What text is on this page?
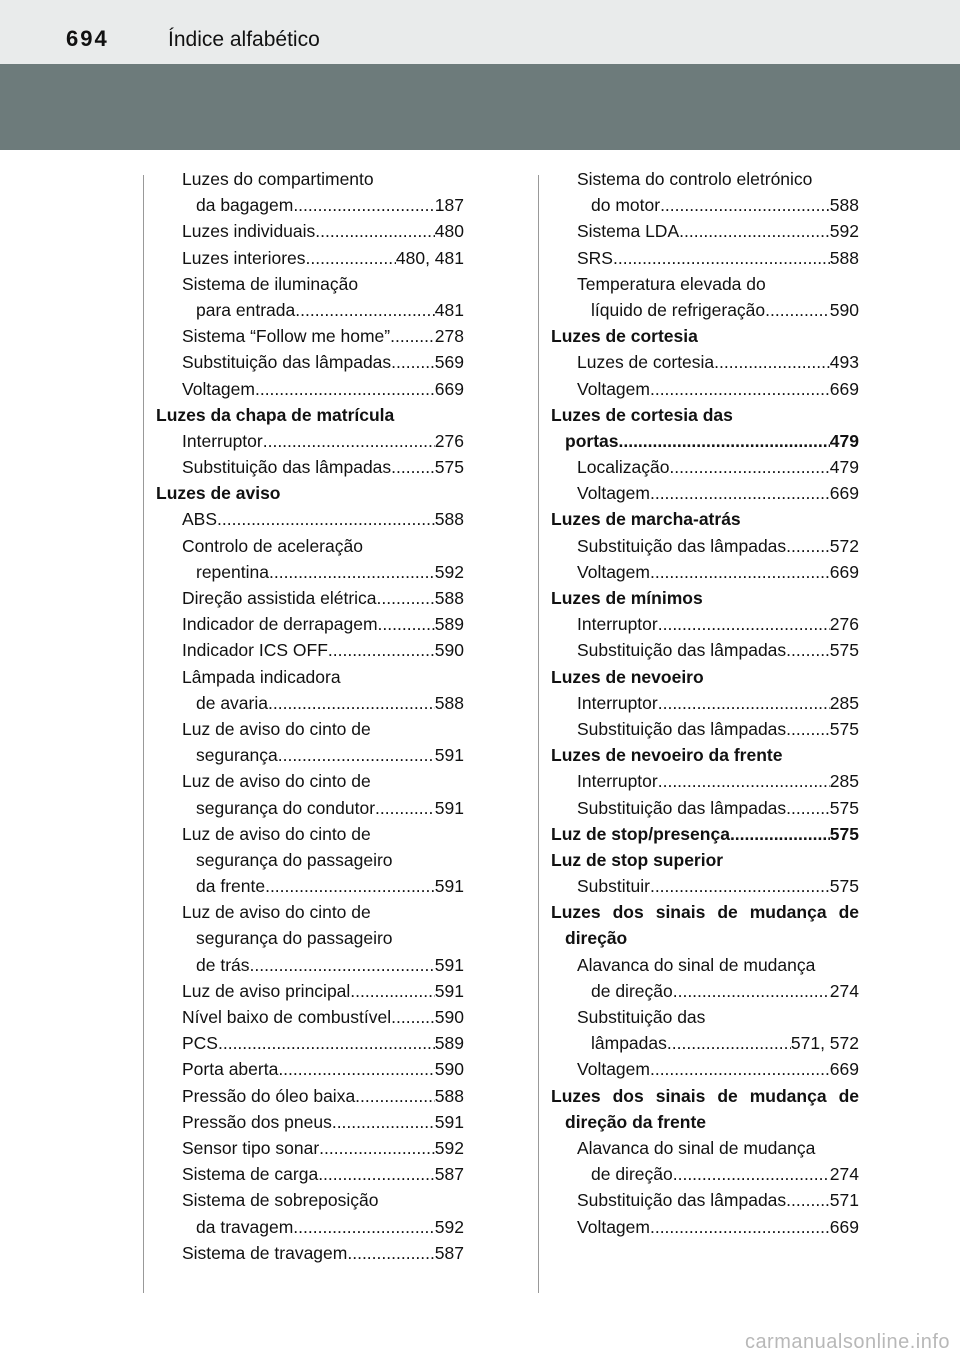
694	Índice alfabético
Luzes do compartimento
da bagagem .....	187
Luzes individuais .....	480
Luzes interiores .....	480, 481
Sistema de iluminação
para entrada .....	481
Sistema “Follow me home” .....	278
Substituição das lâmpadas ..... 569
Voltagem .....	669
Luzes da chapa de matrícula
Interruptor .....	276
Substituição das lâmpadas ..... 575
Luzes de aviso
ABS .....	588
Controlo de aceleração
repentina .....	592
Direção assistida elétrica .....	588
Indicador de derrapagem .....	589
Indicador ICS OFF .....	590
Lâmpada indicadora
de avaria .....	588
Luz de aviso do cinto de
segurança .....	591
Luz de aviso do cinto de
segurança do condutor .....	591
Luz de aviso do cinto de
segurança do passageiro
da frente .....	591
Luz de aviso do cinto de
segurança do passageiro
de trás .....	591
Luz de aviso principal .....	591
Nível baixo de combustível ..... 590
PCS .....	589
Porta aberta .....	590
Pressão do óleo baixa .....	588
Pressão dos pneus .....	591
Sensor tipo sonar .....	592
Sistema de carga .....	587
Sistema de sobreposição
da travagem .....	592
Sistema de travagem .....	587
Sistema do controlo eletrónico
do motor .....	588
Sistema LDA .....	592
SRS .....	588
Temperatura elevada do
líquido de refrigeração .....	590
Luzes de cortesia
Luzes de cortesia .....	493
Voltagem .....	669
Luzes de cortesia das
portas .....	479
Localização .....	479
Voltagem .....	669
Luzes de marcha-atrás
Substituição das lâmpadas ..... 572
Voltagem .....	669
Luzes de mínimos
Interruptor .....	276
Substituição das lâmpadas ..... 575
Luzes de nevoeiro
Interruptor .....	285
Substituição das lâmpadas ..... 575
Luzes de nevoeiro da frente
Interruptor .....	285
Substituição das lâmpadas ..... 575
Luz de stop/presença .....	575
Luz de stop superior
Substituir .....	575
Luzes dos sinais de mudança de
direção
Alavanca do sinal de mudança
de direção .....	274
Substituição das
lâmpadas .....	571, 572
Voltagem .....	669
Luzes dos sinais de mudança de
direção da frente
Alavanca do sinal de mudança
de direção .....	274
Substituição das lâmpadas ..... 571
Voltagem .....	669
carmanualsonline.info
